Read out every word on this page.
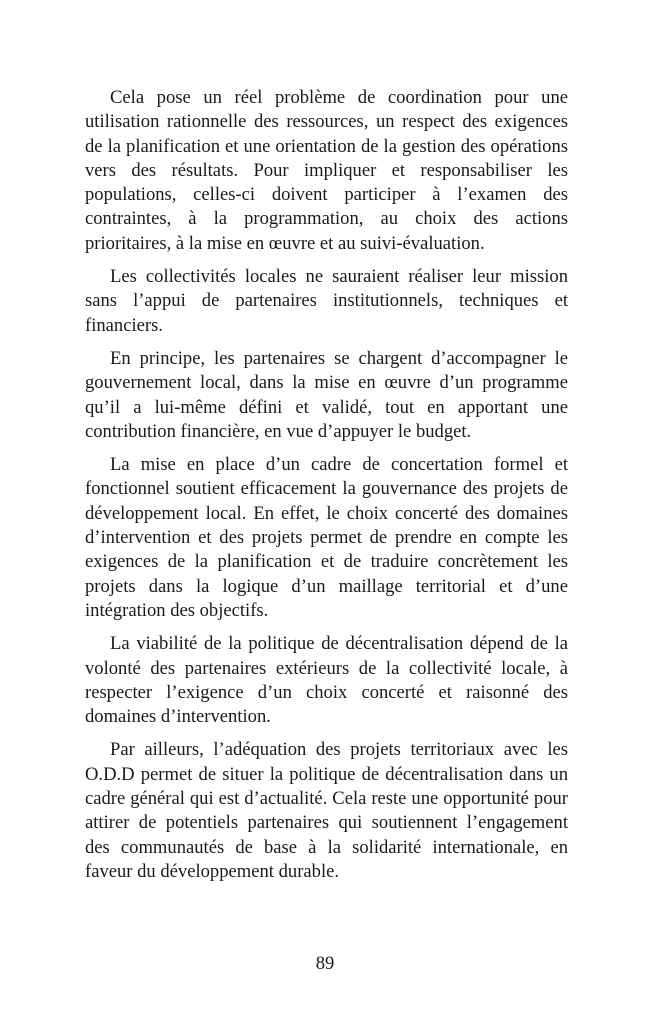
Cela pose un réel problème de coordination pour une utilisation rationnelle des ressources, un respect des exigences de la planification et une orientation de la gestion des opérations vers des résultats. Pour impliquer et responsabiliser les populations, celles-ci doivent participer à l’examen des contraintes, à la programmation, au choix des actions prioritaires, à la mise en œuvre et au suivi-évaluation.

Les collectivités locales ne sauraient réaliser leur mission sans l’appui de partenaires institutionnels, techniques et financiers.

En principe, les partenaires se chargent d’accompagner le gouvernement local, dans la mise en œuvre d’un programme qu’il a lui-même défini et validé, tout en apportant une contribution financière, en vue d’appuyer le budget.

La mise en place d’un cadre de concertation formel et fonctionnel soutient efficacement la gouvernance des projets de développement local. En effet, le choix concerté des domaines d’intervention et des projets permet de prendre en compte les exigences de la planification et de traduire concrètement les projets dans la logique d’un maillage territorial et d’une intégration des objectifs.

La viabilité de la politique de décentralisation dépend de la volonté des partenaires extérieurs de la collectivité locale, à respecter l’exigence d’un choix concerté et raisonné des domaines d’intervention.

Par ailleurs, l’adéquation des projets territoriaux avec les O.D.D permet de situer la politique de décentralisation dans un cadre général qui est d’actualité. Cela reste une opportunité pour attirer de potentiels partenaires qui soutiennent l’engagement des communautés de base à la solidarité internationale, en faveur du développement durable.

89
